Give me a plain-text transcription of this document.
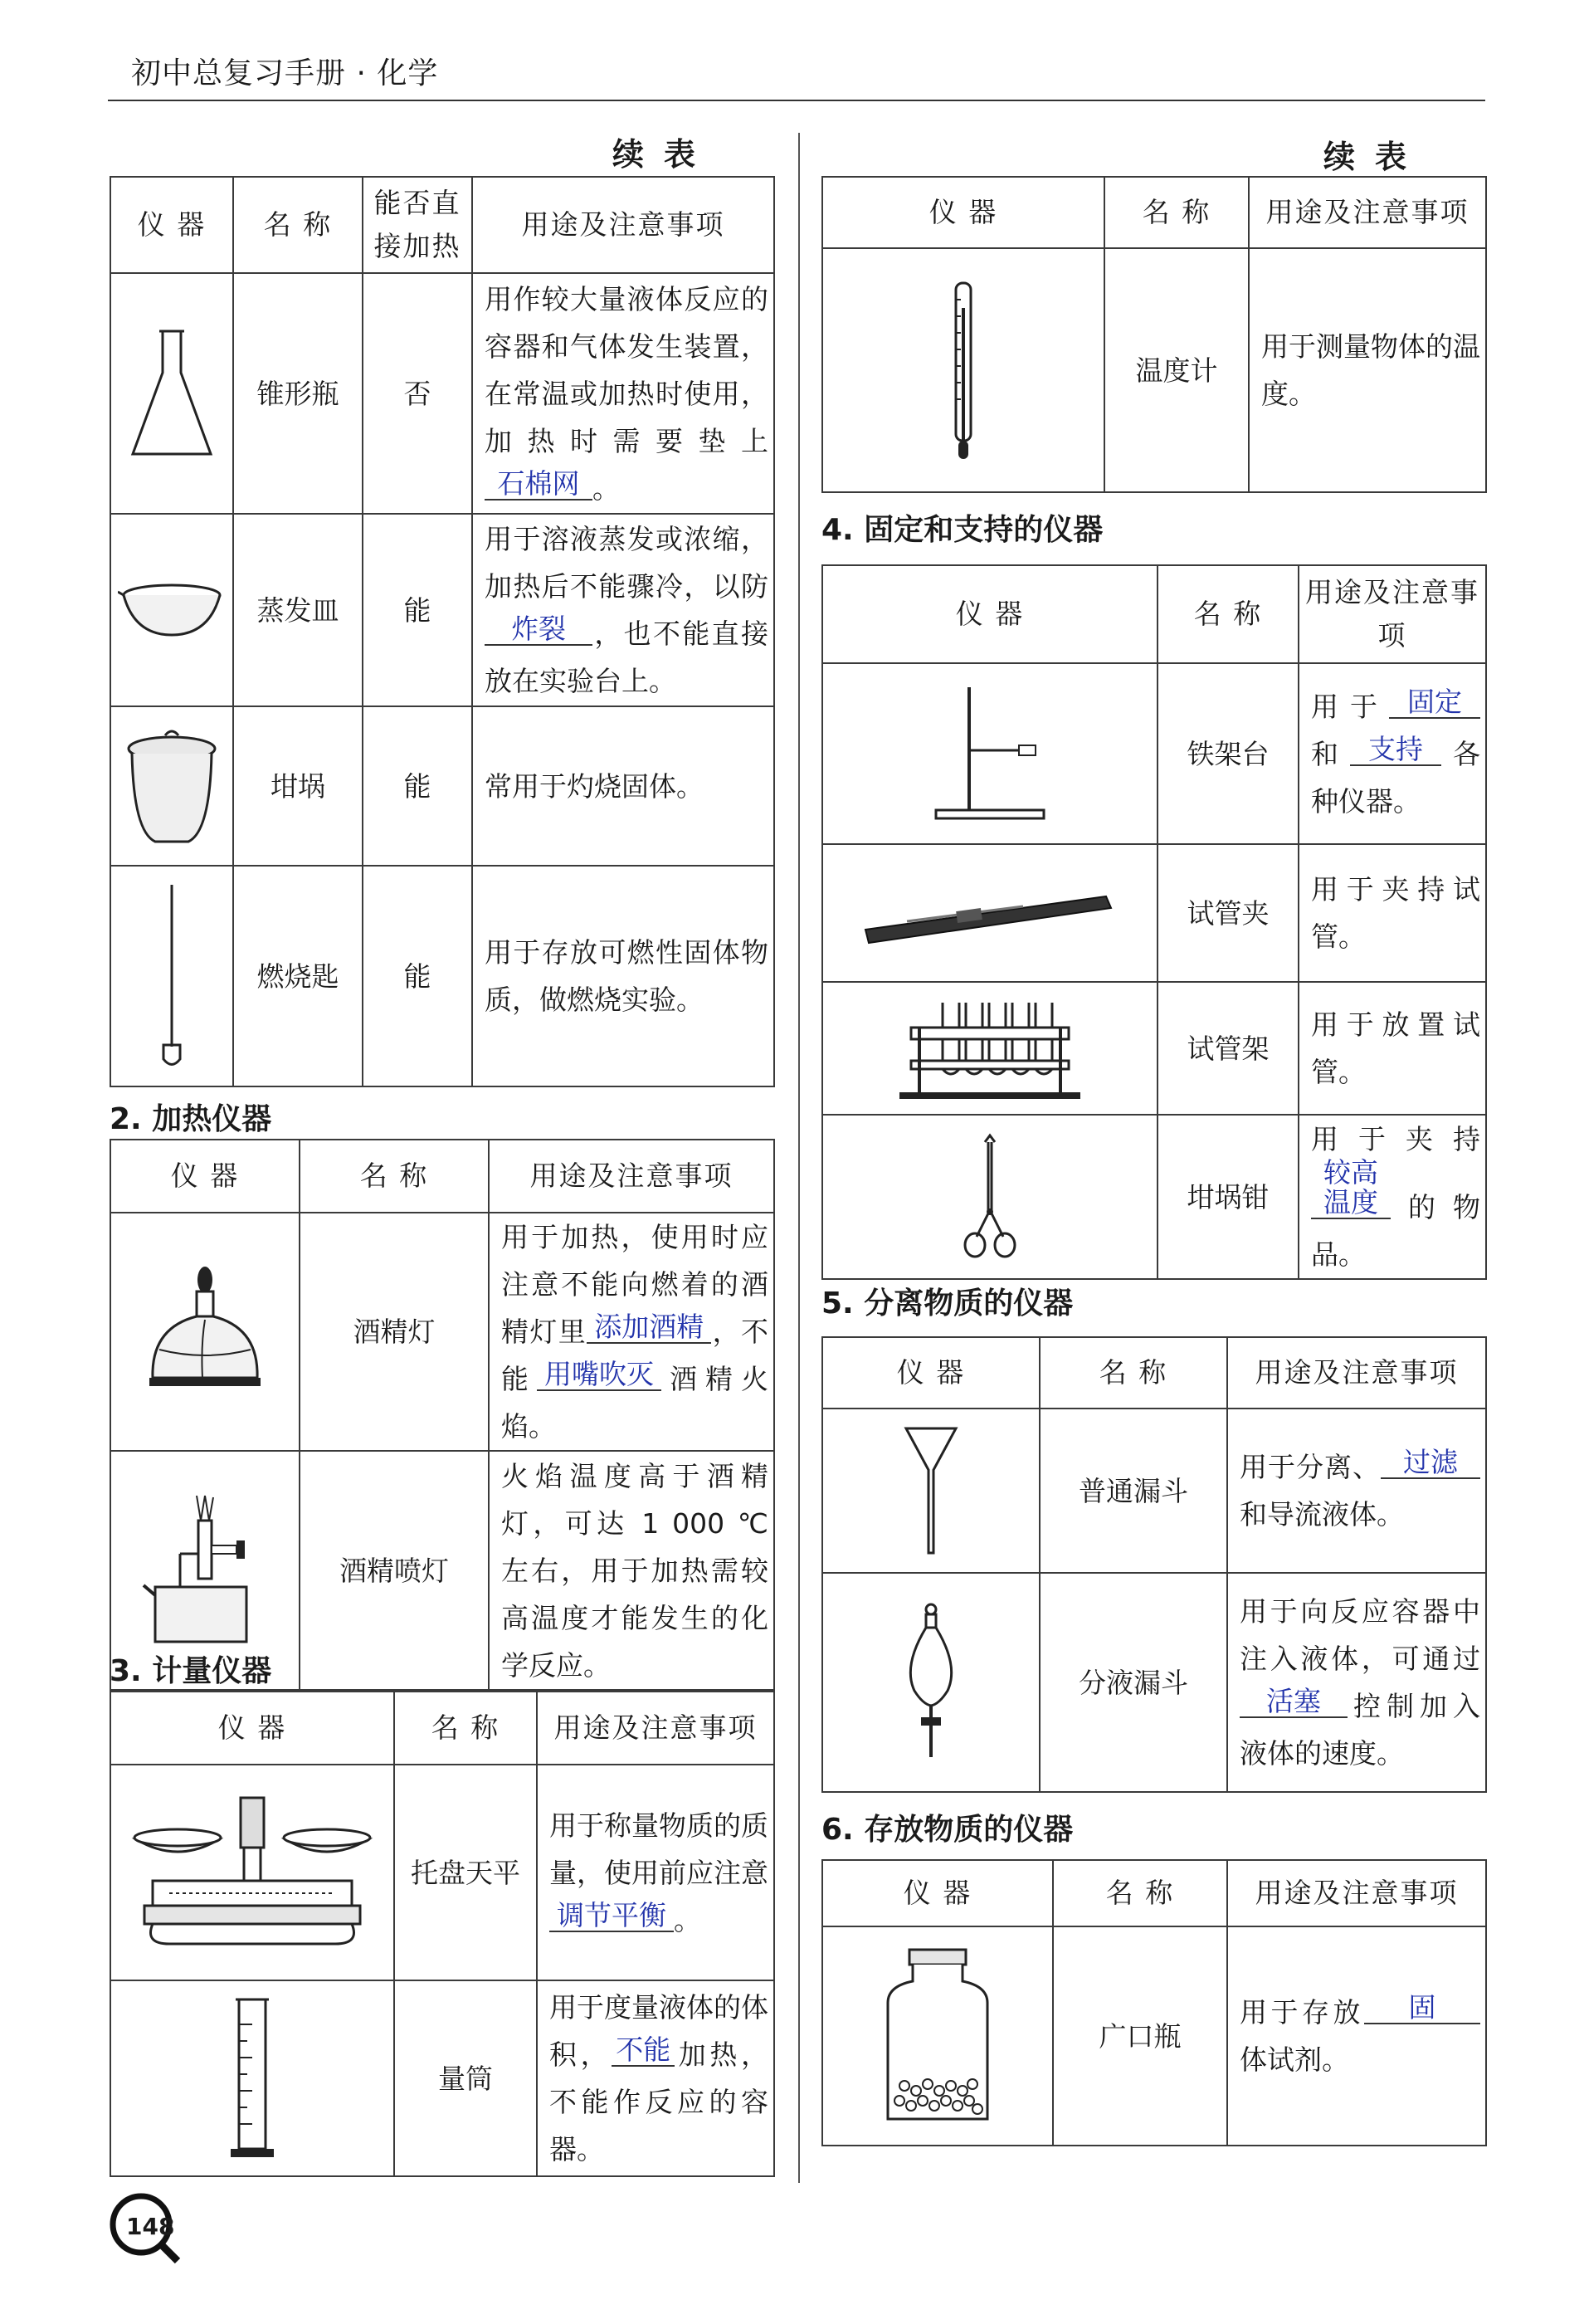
初中总复习手册 · 化学
续表
仪 器	名 称	能否直接加热	用途及注意事项
	锥形瓶	否	用作较大量液体反应的容器和气体发生装置，在常温或加热时使用，加热时需要垫上石棉网 。
	蒸发皿	能	用于溶液蒸发或浓缩，加热后不能骤冷，以防炸裂 ，也不能直接放在实验台上。
	坩埚	能	常用于灼烧固体。
	燃烧匙	能	用于存放可燃性固体物质，做燃烧实验。
2. 加热仪器
仪 器	名 称	用途及注意事项
	酒精灯	用于加热，使用时应注意不能向燃着的酒精灯里 添加酒精 ，不能 用嘴吹灭 酒精火焰。
	酒精喷灯	火焰温度高于酒精灯，可达 1 000 ℃ 左右，用于加热需较高温度才能发生的化学反应。
3. 计量仪器
仪 器	名 称	用途及注意事项
	托盘天平	用于称量物质的质量，使用前应注意调节平衡 。
	量筒	用于度量液体的体积， 不能 加热，不能作反应的容器。
续表
仪 器	名 称	用途及注意事项
	温度计	用于测量物体的温度。
4. 固定和支持的仪器
仪 器	名 称	用途及注意事项
	铁架台	用于 固定和 支持 各种仪器。
	试管夹	用于夹持试管。
	试管架	用于放置试管。
	坩埚钳	用于夹持较高温度 的物品。
5. 分离物质的仪器
仪 器	名 称	用途及注意事项
	普通漏斗	用于分离、 过滤和导流液体。
	分液漏斗	用于向反应容器中注入液体，可通过活塞 控制加入液体的速度。
6. 存放物质的仪器
仪 器	名 称	用途及注意事项
	广口瓶	用于存放 固体试剂。
148
